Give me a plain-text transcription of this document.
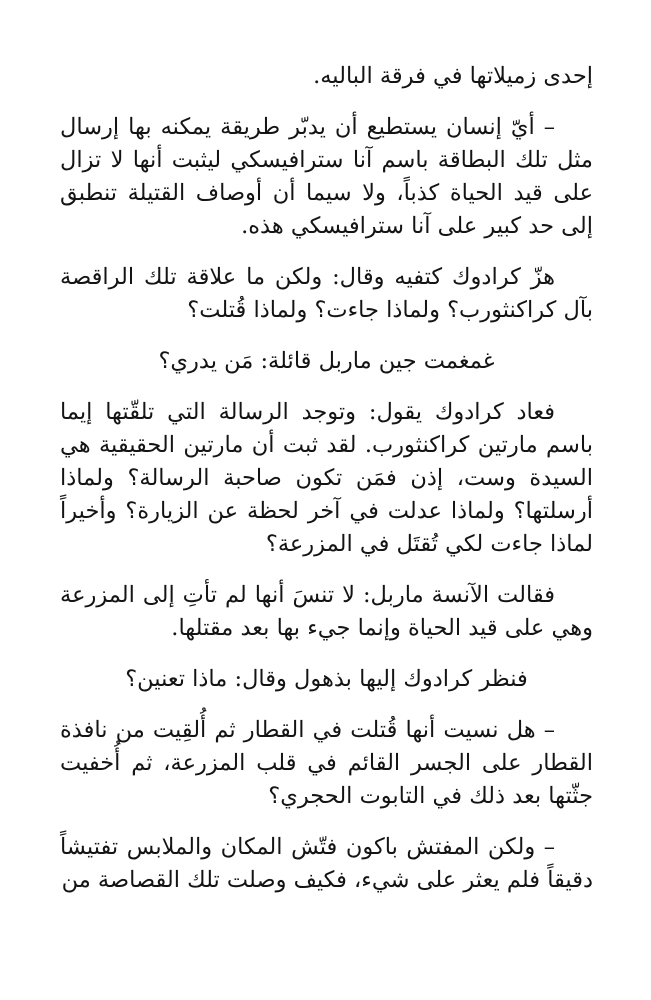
إحدى زميلاتها في فرقة الباليه.

– أيّ إنسان يستطيع أن يدبّر طريقة يمكنه بها إرسال مثل تلك البطاقة باسم آنا سترافيسكي ليثبت أنها لا تزال على قيد الحياة كذباً، ولا سيما أن أوصاف القتيلة تنطبق إلى حد كبير على آنا سترافيسكي هذه.

هزّ كرادوك كتفيه وقال: ولكن ما علاقة تلك الراقصة بآل كراكنثورب؟ ولماذا جاءت؟ ولماذا قُتلت؟

غمغمت جين ماربل قائلة: مَن يدري؟

فعاد كرادوك يقول: وتوجد الرسالة التي تلقّتها إيما باسم مارتين كراكنثورب. لقد ثبت أن مارتين الحقيقية هي السيدة وست، إذن فمَن تكون صاحبة الرسالة؟ ولماذا أرسلتها؟ ولماذا عدلت في آخر لحظة عن الزيارة؟ وأخيراً لماذا جاءت لكي تُقتَل في المزرعة؟

فقالت الآنسة ماربل: لا تنسَ أنها لم تأتِ إلى المزرعة وهي على قيد الحياة وإنما جيء بها بعد مقتلها.

فنظر كرادوك إليها بذهول وقال: ماذا تعنين؟

– هل نسيت أنها قُتلت في القطار ثم أُلقِيت من نافذة القطار على الجسر القائم في قلب المزرعة، ثم أُخفيت جثّتها بعد ذلك في التابوت الحجري؟

– ولكن المفتش باكون فتّش المكان والملابس تفتيشاً دقيقاً فلم يعثر على شيء، فكيف وصلت تلك القصاصة من
